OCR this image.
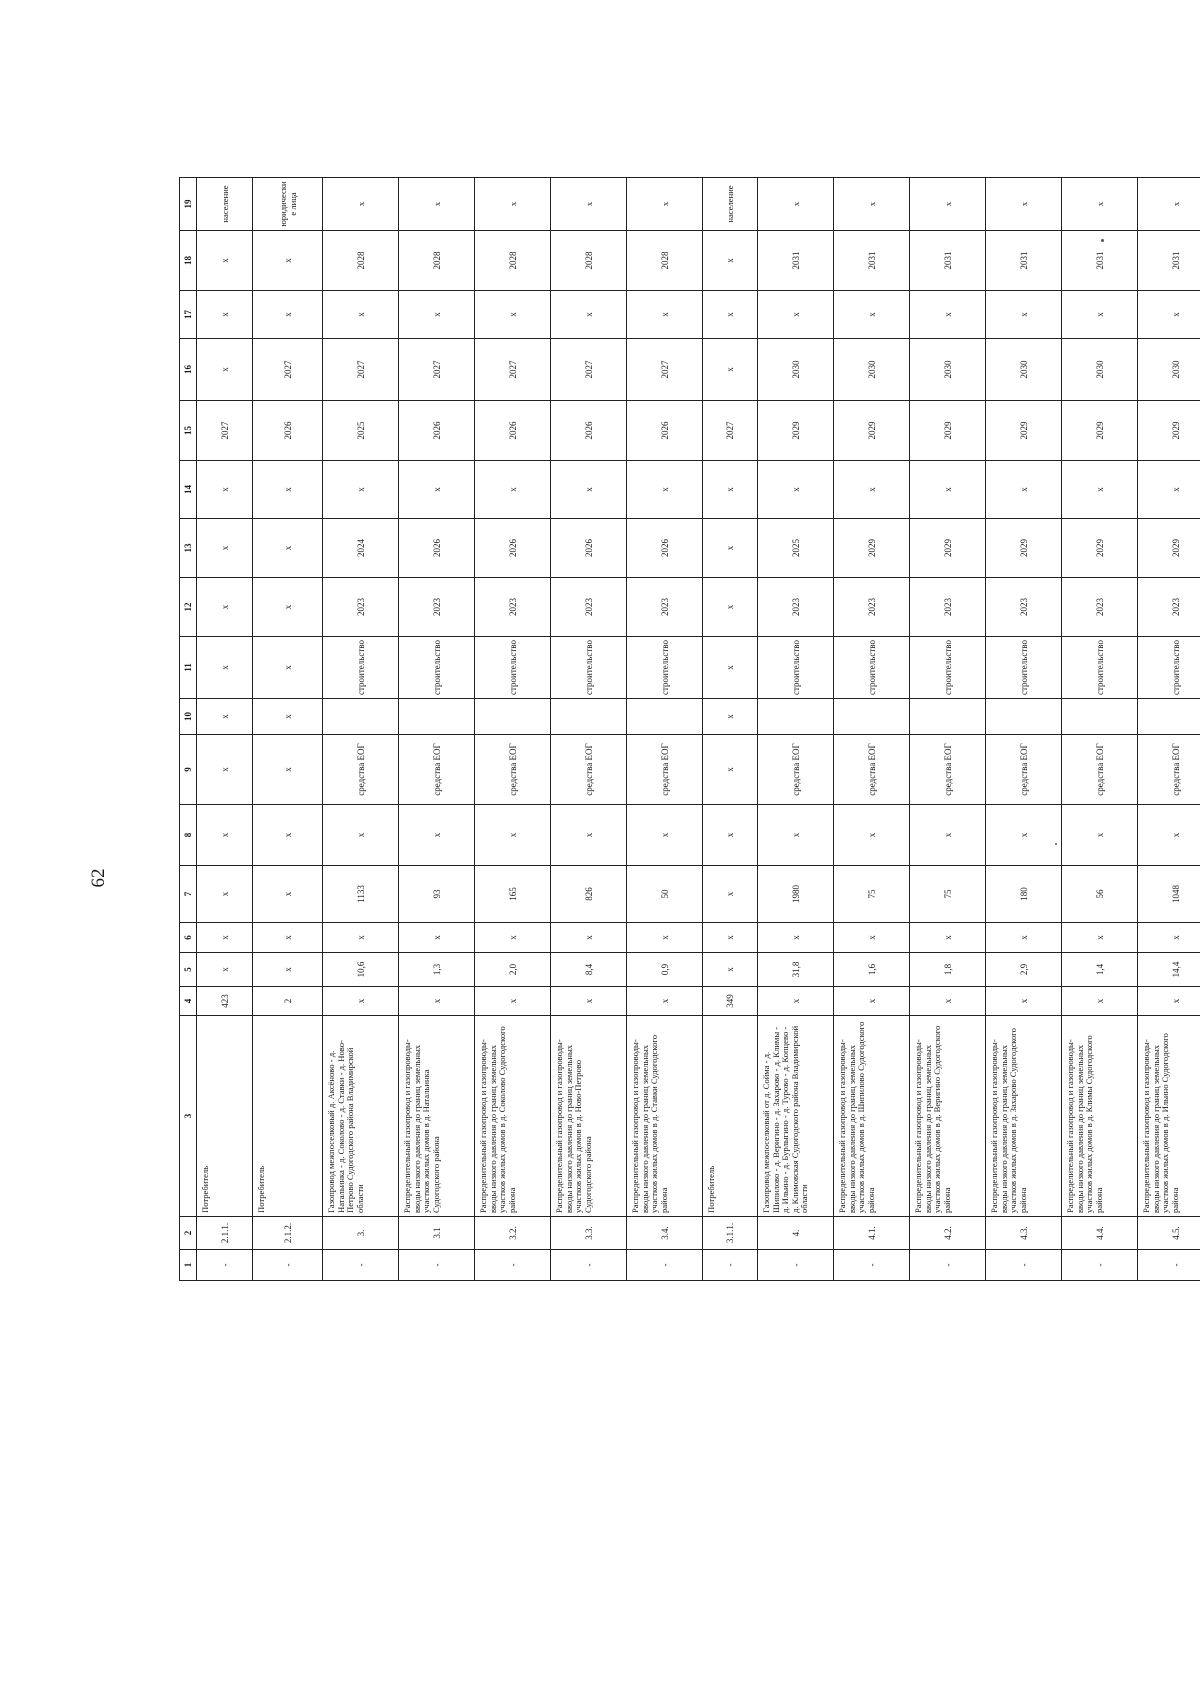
62
1	2	3	4	5	6	7	8	9	10	11	12	13	14	15	16	17	18	19
-	2.1.1.	Потребитель	423	x	x	x	x	x	x	x	x	x	x	2027	x	x	x	население
-	2.1.2.	Потребитель	2	x	x	x	x	x	x	x	x	x	x	2026	2027	x	x	юридические лица
-	3.	Газопровод межпоселковый д. Аксёново - д. Натальинка - д. Соколово - д. Ставки - д. Ново-Петрово Судогодского района Владимирской области	x	10,6	x	1133	x	средства ЕОГ		строительство	2023	2024	x	2025	2027	x	2028	x
-	3.1	Распределительный газопровод и газопроводы-вводы низкого давления до границ земельных участков жилых домов в д. Натальинка Судогодского района	x	1,3	x	93	x	средства ЕОГ		строительство	2023	2026	x	2026	2027	x	2028	x
-	3.2.	Распределительный газопровод и газопроводы-вводы низкого давления до границ земельных участков жилых домов в д. Соколово Судогодского района	x	2,0	x	165	x	средства ЕОГ		строительство	2023	2026	x	2026	2027	x	2028	x
-	3.3.	Распределительный газопровод и газопроводы-вводы низкого давления до границ земельных участков жилых домов в д. Ново-Петрово Судогодского района	x	8,4	x	826	x	средства ЕОГ		строительство	2023	2026	x	2026	2027	x	2028	x
-	3.4.	Распределительный газопровод и газопроводы-вводы низкого давления до границ земельных участков жилых домов в д. Ставки Судогодского района	x	0,9	x	50	x	средства ЕОГ		строительство	2023	2026	x	2026	2027	x	2028	x
-	3.1.1.	Потребитель	349	x	x	x	x	x	x	x	x	x	x	2027	x	x	x	население
-	4.	Газопровод межпоселковый от д. Сойма - д. Шипилово - д. Веригино - д. Захарово - д. Климы - д. Ильино - д. Бурлыгино - д. Турово - д. Копцево - д. Климовская Судогодского района Владимирской области	x	31,8	x	1980	x	средства ЕОГ		строительство	2023	2025	x	2029	2030	x	2031	x
-	4.1.	Распределительный газопровод и газопроводы-вводы низкого давления до границ земельных участков жилых домов в д. Шипилово Судогодского района	x	1,6	x	75	x	средства ЕОГ		строительство	2023	2029	x	2029	2030	x	2031	x
-	4.2.	Распределительный газопровод и газопроводы-вводы низкого давления до границ земельных участков жилых домов в д. Веригино Судогодского района	x	1,8	x	75	x	средства ЕОГ		строительство	2023	2029	x	2029	2030	x	2031	x
-	4.3.	Распределительный газопровод и газопроводы-вводы низкого давления до границ земельных участков жилых домов в д. Захарово Судогодского района	x	2,9	x	180	x	средства ЕОГ		строительство	2023	2029	x	2029	2030	x	2031	x
-	4.4.	Распределительный газопровод и газопроводы-вводы низкого давления до границ земельных участков жилых домов в д. Климы Судогодского района	x	1,4	x	56	x	средства ЕОГ		строительство	2023	2029	x	2029	2030	x	2031	x
-	4.5.	Распределительный газопровод и газопроводы-вводы низкого давления до границ земельных участков жилых домов в д. Ильино Судогодского района	x	14,4	x	1048	x	средства ЕОГ		строительство	2023	2029	x	2029	2030	x	2031	x
